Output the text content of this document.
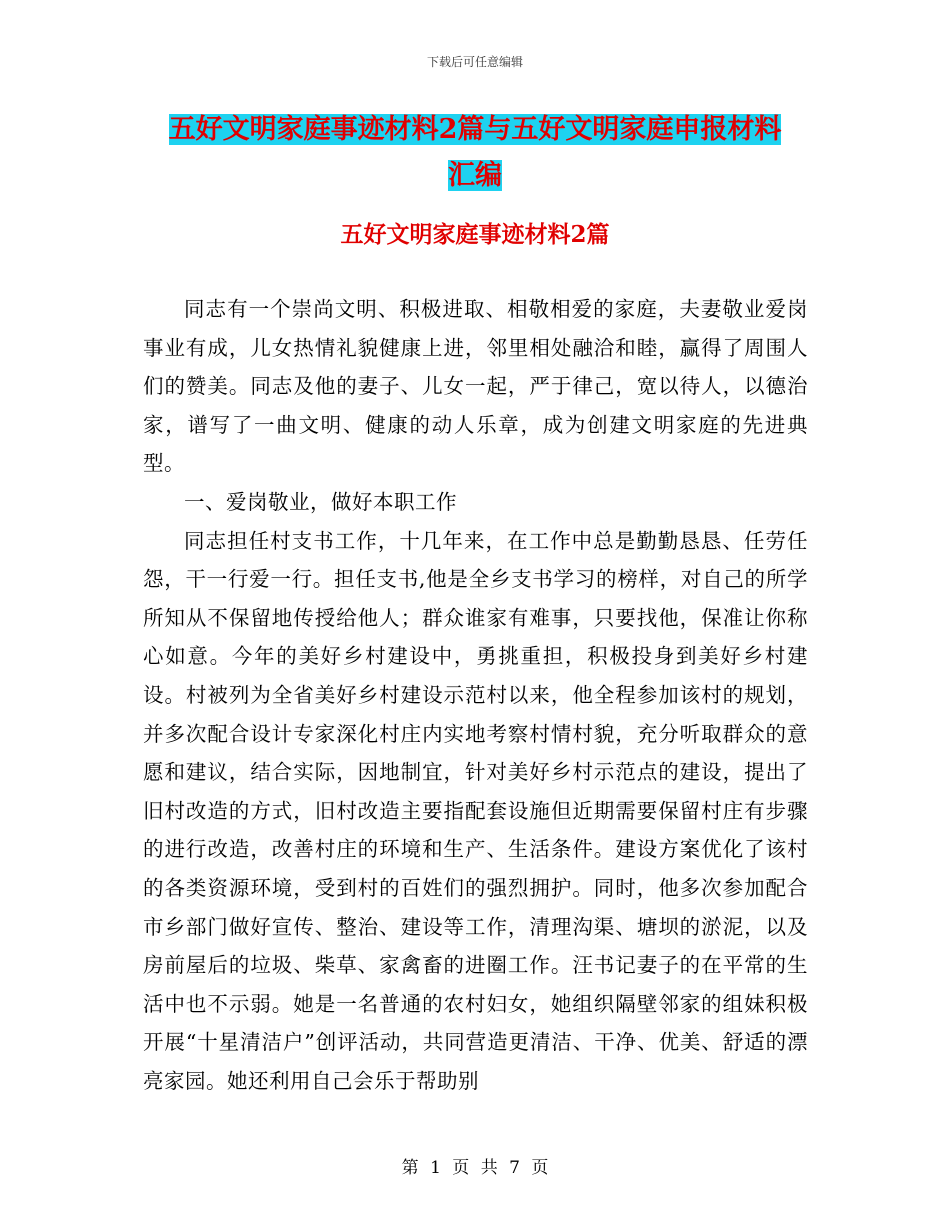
下载后可任意编辑
五好文明家庭事迹材料2篇与五好文明家庭申报材料
汇编
五好文明家庭事迹材料2篇

同志有一个崇尚文明、积极进取、相敬相爱的家庭，夫妻敬业爱岗事业有成，儿女热情礼貌健康上进，邻里相处融洽和睦，赢得了周围人们的赞美。同志及他的妻子、儿女一起，严于律己，宽以待人，以德治家，谱写了一曲文明、健康的动人乐章，成为创建文明家庭的先进典型。

一、爱岗敬业，做好本职工作

同志担任村支书工作，十几年来，在工作中总是勤勤恳恳、任劳任怨，干一行爱一行。担任支书,他是全乡支书学习的榜样，对自己的所学所知从不保留地传授给他人；群众谁家有难事，只要找他，保准让你称心如意。今年的美好乡村建设中，勇挑重担，积极投身到美好乡村建设。村被列为全省美好乡村建设示范村以来，他全程参加该村的规划，并多次配合设计专家深化村庄内实地考察村情村貌，充分听取群众的意愿和建议，结合实际，因地制宜，针对美好乡村示范点的建设，提出了旧村改造的方式，旧村改造主要指配套设施但近期需要保留村庄有步骤的进行改造，改善村庄的环境和生产、生活条件。建设方案优化了该村的各类资源环境，受到村的百姓们的强烈拥护。同时，他多次参加配合市乡部门做好宣传、整治、建设等工作，清理沟渠、塘坝的淤泥，以及房前屋后的垃圾、柴草、家禽畜的进圈工作。汪书记妻子的在平常的生活中也不示弱。她是一名普通的农村妇女，她组织隔壁邻家的组妹积极开展“十星清洁户”创评活动，共同营造更清洁、干净、优美、舒适的漂亮家园。她还利用自己会乐于帮助别

第 1 页 共 7 页
